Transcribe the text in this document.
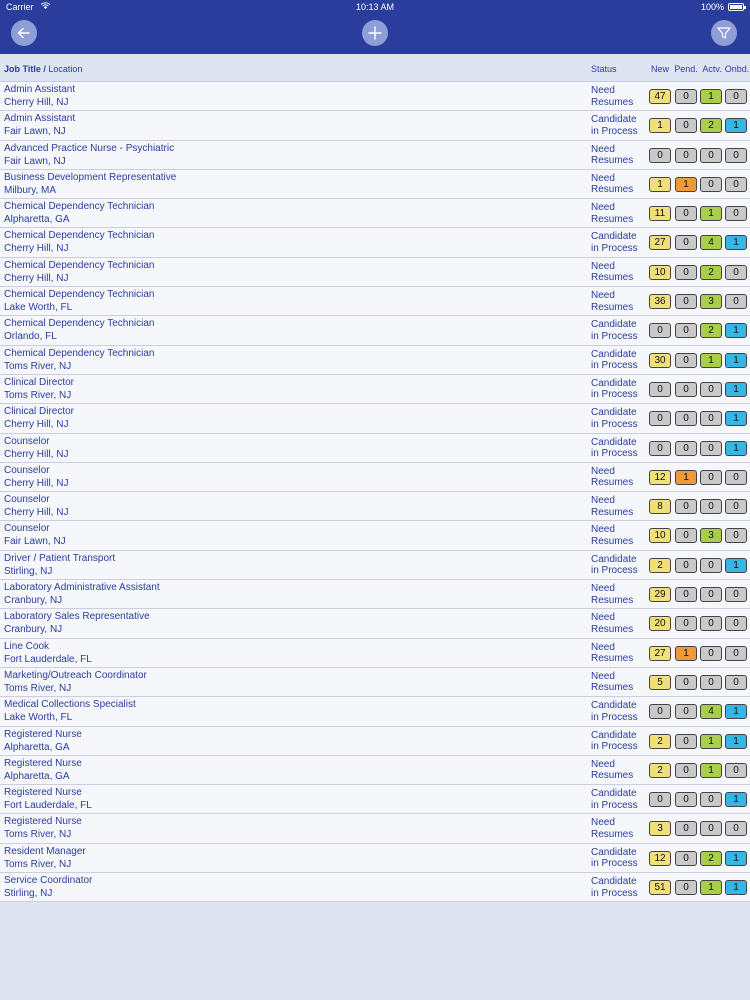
Carrier	10:13 AM	100%
Job Title / Location	Status	New Pend. Actv. Onbd.
Admin Assistant
Cherry Hill, NJ
Need
Resumes	47	0	1	0
Admin Assistant
Fair Lawn, NJ
Candidate
in Process	1	0	2	1
Advanced Practice Nurse - Psychiatric
Fair Lawn, NJ
Need
Resumes	0	0	0	0
Business Development Representative
Milbury, MA
Need
Resumes	1	1	0	0
Chemical Dependency Technician
Alpharetta, GA
Need
Resumes	11	0	1	0
Chemical Dependency Technician
Cherry Hill, NJ
Candidate
in Process	27	0	4	1
Chemical Dependency Technician
Cherry Hill, NJ
Need
Resumes	10	0	2	0
Chemical Dependency Technician
Lake Worth, FL
Need
Resumes	36	0	3	0
Chemical Dependency Technician
Orlando, FL
Candidate
in Process	0	0	2	1
Chemical Dependency Technician
Toms River, NJ
Candidate
in Process	30	0	1	1
Clinical Director
Toms River, NJ
Candidate
in Process	0	0	0	1
Clinical Director
Cherry Hill, NJ
Candidate
in Process	0	0	0	1
Counselor
Cherry Hill, NJ
Candidate
in Process	0	0	0	1
Counselor
Cherry Hill, NJ
Need
Resumes	12	1	0	0
Counselor
Cherry Hill, NJ
Need
Resumes	8	0	0	0
Counselor
Fair Lawn, NJ
Need
Resumes	10	0	3	0
Driver / Patient Transport
Stirling, NJ
Candidate
in Process	2	0	0	1
Laboratory Administrative Assistant
Cranbury, NJ
Need
Resumes	29	0	0	0
Laboratory Sales Representative
Cranbury, NJ
Need
Resumes	20	0	0	0
Line Cook
Fort Lauderdale, FL
Need
Resumes	27	1	0	0
Marketing/Outreach Coordinator
Toms River, NJ
Need
Resumes	5	0	0	0
Medical Collections Specialist
Lake Worth, FL
Candidate
in Process	0	0	4	1
Registered Nurse
Alpharetta, GA
Candidate
in Process	2	0	1	1
Registered Nurse
Alpharetta, GA
Need
Resumes	2	0	1	0
Registered Nurse
Fort Lauderdale, FL
Candidate
in Process	0	0	0	1
Registered Nurse
Toms River, NJ
Need
Resumes	3	0	0	0
Resident Manager
Toms River, NJ
Candidate
in Process	12	0	2	1
Service Coordinator
Stirling, NJ
Candidate
in Process	51	0	1	1
